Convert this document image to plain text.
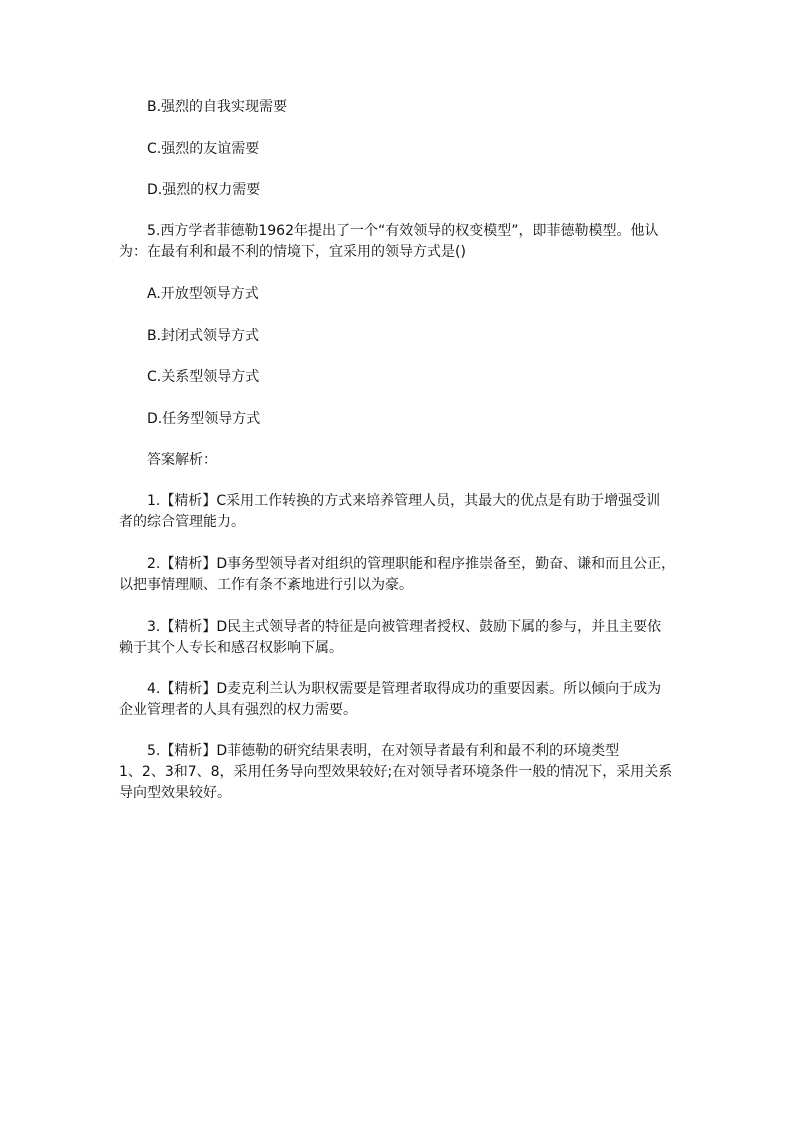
B.强烈的自我实现需要
C.强烈的友谊需要
D.强烈的权力需要
5.西方学者菲德勒1962年提出了一个“有效领导的权变模型”，即菲德勒模型。他认
为：在最有利和最不利的情境下，宜采用的领导方式是()
A.开放型领导方式
B.封闭式领导方式
C.关系型领导方式
D.任务型领导方式
答案解析：
1.【精析】C采用工作转换的方式来培养管理人员，其最大的优点是有助于增强受训
者的综合管理能力。
2.【精析】D事务型领导者对组织的管理职能和程序推崇备至，勤奋、谦和而且公正，
以把事情理顺、工作有条不紊地进行引以为豪。
3.【精析】D民主式领导者的特征是向被管理者授权、鼓励下属的参与，并且主要依
赖于其个人专长和感召权影响下属。
4.【精析】D麦克利兰认为职权需要是管理者取得成功的重要因素。所以倾向于成为
企业管理者的人具有强烈的权力需要。
5.【精析】D菲德勒的研究结果表明，在对领导者最有利和最不利的环境类型
1、2、3和7、8，采用任务导向型效果较好;在对领导者环境条件一般的情况下，采用关系
导向型效果较好。
